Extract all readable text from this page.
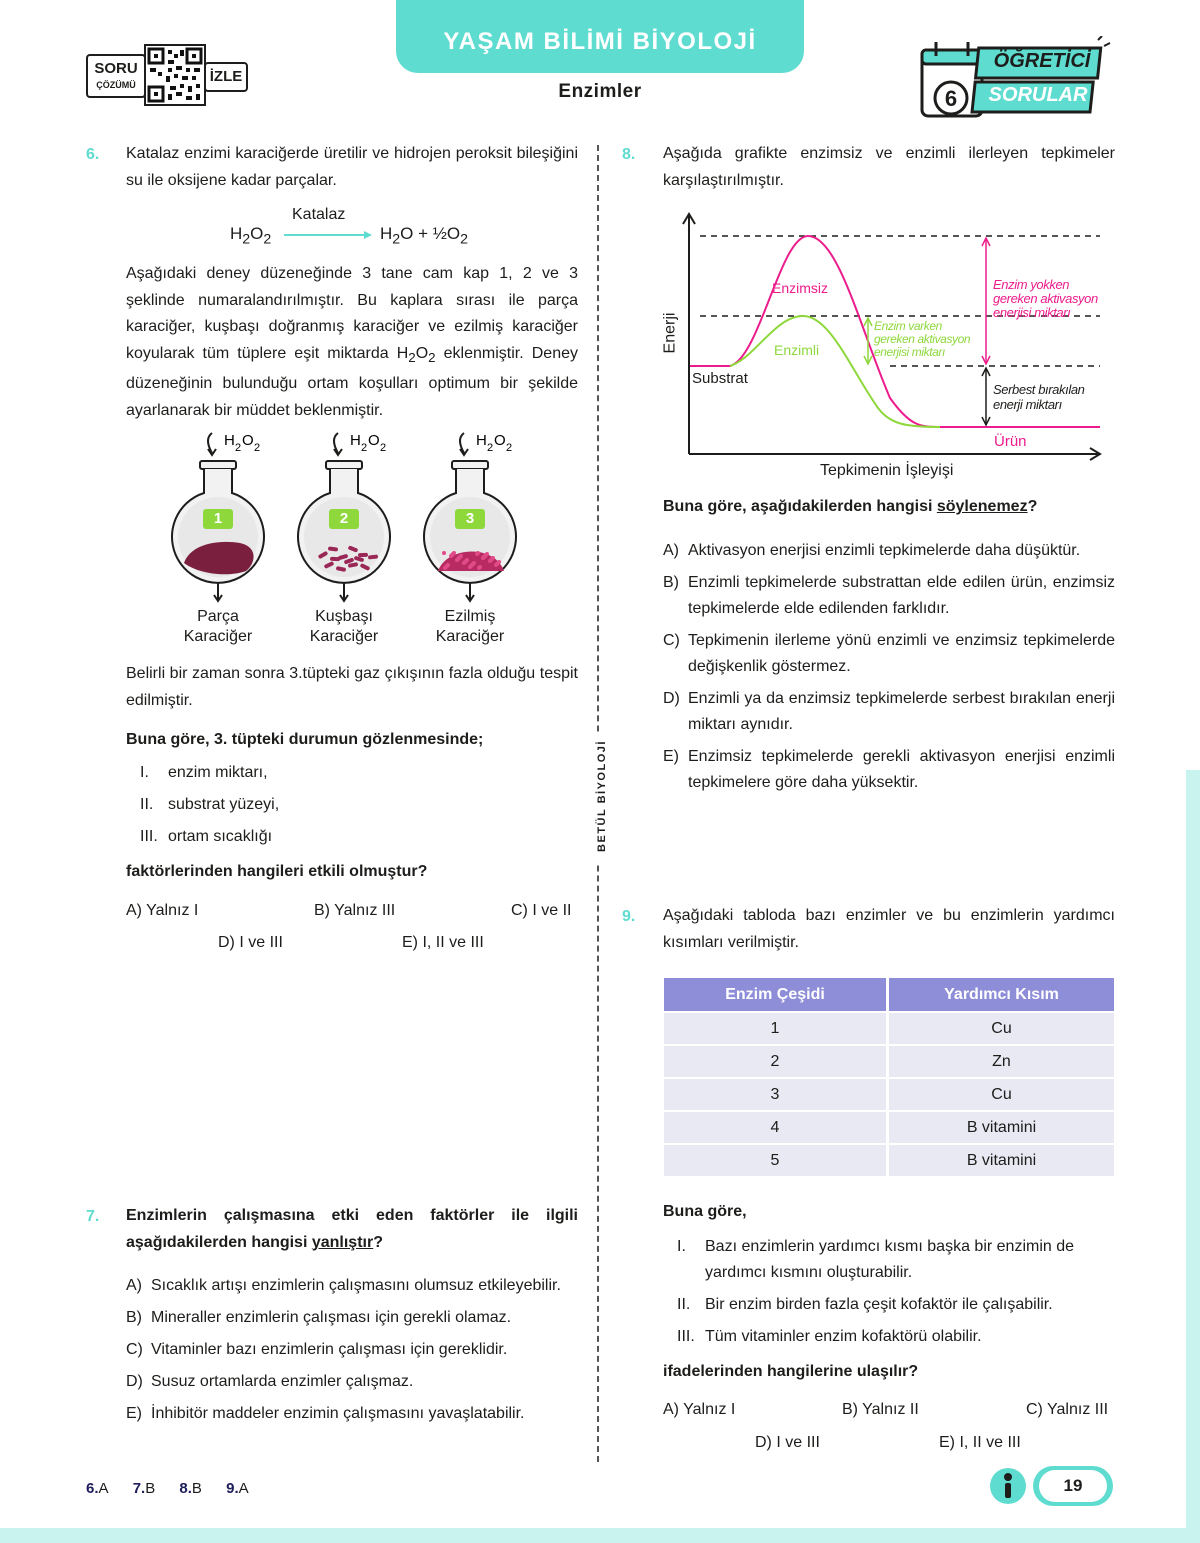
YAŞAM BİLİMİ BİYOLOJİ
Enzimler
SORU
ÇÖZÜMÜ	İZLE
6
ÖĞRETİCİ
SORULAR
BETÜL BİYOLOJİ
6. Katalaz enzimi karaciğerde üretilir ve hidrojen peroksit bileşiğini su ile oksijene kadar parçalar.
$H_2O_2$
Katalaz
$H_2O$ + $\frac{1}{2}O_2$
Aşağıdaki deney düzeneğinde 3 tane cam kap 1, 2 ve 3 şeklinde numaralandırılmıştır. Bu kaplara sırası ile parça karaciğer, kuşbaşı doğranmış karaciğer ve ezilmiş karaciğer koyularak tüm tüplere eşit miktarda $H_2O_2$ eklenmiştir. Deney düzeneğinin bulunduğu ortam koşulları optimum bir şekilde ayarlanarak bir müddet beklenmiştir.
H 2 O 2	H 2 O 2	H 2 O 2
1
Parça
Karaciğer
2
Kuşbaşı
Karaciğer
3
Ezilmiş
Karaciğer
Belirli bir zaman sonra 3.tüpteki gaz çıkışının fazla olduğu tespit edilmiştir.
Buna göre, 3. tüpteki durumun gözlenmesinde;
I. enzim miktarı,
II. substrat yüzeyi,
III. ortam sıcaklığı
faktörlerinden hangileri etkili olmuştur?
A) Yalnız I	B) Yalnız III	C) I ve II
D) I ve III	E) I, II ve III
7. Enzimlerin çalışmasına etki eden faktörler ile ilgili aşağıdakilerden hangisi yanlıştır?
A) Sıcaklık artışı enzimlerin çalışmasını olumsuz etkileyebilir.
B) Mineraller enzimlerin çalışması için gerekli olamaz.
C) Vitaminler bazı enzimlerin çalışması için gereklidir.
D) Susuz ortamlarda enzimler çalışmaz.
E) İnhibitör maddeler enzimin çalışmasını yavaşlatabilir.
8. Aşağıda grafikte enzimsiz ve enzimli ilerleyen tepkimeler karşılaştırılmıştır.
Enerji
Tepkimenin İşleyişi
Substrat
Ürün
Enzimsiz
Enzimli
Enzim yokken
gereken aktivasyon
enerjisi miktarı
Enzim varken
gereken aktivasyon
enerjisi miktarı
Serbest bırakılan
enerji miktarı
Buna göre, aşağıdakilerden hangisi söylenemez?
A) Aktivasyon enerjisi enzimli tepkimelerde daha düşüktür.
B) Enzimli tepkimelerde substrattan elde edilen ürün, enzimsiz tepkimelerde elde edilenden farklıdır.
C) Tepkimenin ilerleme yönü enzimli ve enzimsiz tepkimelerde değişkenlik göstermez.
D) Enzimli ya da enzimsiz tepkimelerde serbest bırakılan enerji miktarı aynıdır.
E) Enzimsiz tepkimelerde gerekli aktivasyon enerjisi enzimli tepkimelere göre daha yüksektir.
9. Aşağıdaki tabloda bazı enzimler ve bu enzimlerin yardımcı kısımları verilmiştir.
Enzim Çeşidi	Yardımcı Kısım
1	Cu
2	Zn
3	Cu
4	B vitamini
5	B vitamini
Buna göre,
I.	Bazı enzimlerin yardımcı kısmı başka bir enzimin de yardımcı kısmını oluşturabilir.
II. Bir enzim birden fazla çeşit kofaktör ile çalışabilir.
III. Tüm vitaminler enzim kofaktörü olabilir.
ifadelerinden hangilerine ulaşılır?
A) Yalnız I	B) Yalnız II	C) Yalnız III
D) I ve III	E) I, II ve III
6.A 7.B 8.B 9.A	19
